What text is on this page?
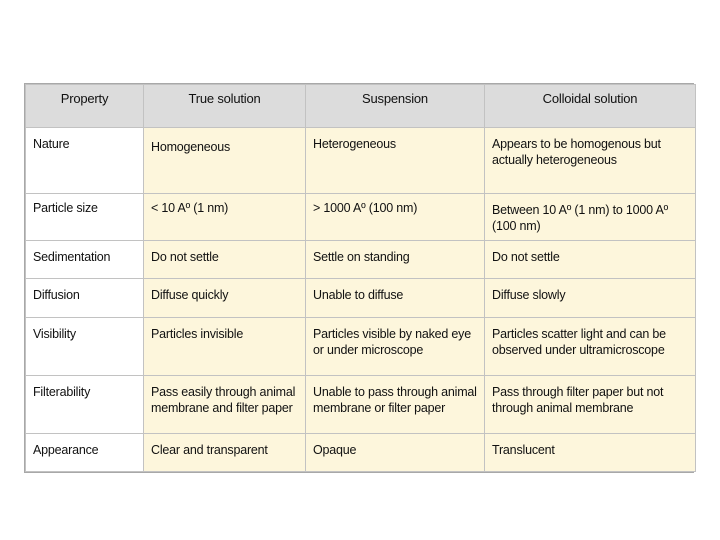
Property	True solution	Suspension	Colloidal solution
Nature	Homogeneous	Heterogeneous	Appears to be homogenous but actually heterogeneous
Particle size	< 10 Aº (1 nm)	> 1000 Aº (100 nm)	Between 10 Aº (1 nm) to 1000 Aº (100 nm)
Sedimentation	Do not settle	Settle on standing	Do not settle
Diffusion	Diffuse quickly	Unable to diffuse	Diffuse slowly
Visibility	Particles invisible	Particles visible by naked eye or under microscope	Particles scatter light and can be observed under ultramicroscope
Filterability	Pass easily through animal membrane and filter paper	Unable to pass through animal membrane or filter paper	Pass through filter paper but not through animal membrane
Appearance	Clear and transparent	Opaque	Translucent
